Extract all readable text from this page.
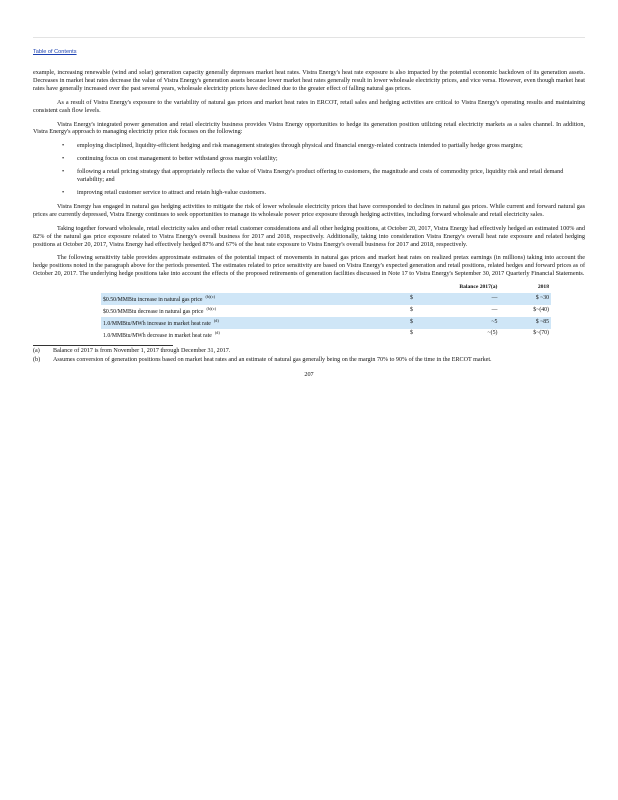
Table of Contents

example, increasing renewable (wind and solar) generation capacity generally depresses market heat rates. Vistra Energy's heat rate exposure is also impacted by the potential economic backdown of its generation assets. Decreases in market heat rates decrease the value of Vistra Energy's generation assets because lower market heat rates generally result in lower wholesale electricity prices, and vice versa. However, even though market heat rates have generally increased over the past several years, wholesale electricity prices have declined due to the greater effect of falling natural gas prices.

As a result of Vistra Energy's exposure to the variability of natural gas prices and market heat rates in ERCOT, retail sales and hedging activities are critical to Vistra Energy's operating results and maintaining consistent cash flow levels.

Vistra Energy's integrated power generation and retail electricity business provides Vistra Energy opportunities to hedge its generation position utilizing retail electricity markets as a sales channel. In addition, Vistra Energy's approach to managing electricity price risk focuses on the following:

• employing disciplined, liquidity-efficient hedging and risk management strategies through physical and financial energy-related contracts intended to partially hedge gross margins;
• continuing focus on cost management to better withstand gross margin volatility;
• following a retail pricing strategy that appropriately reflects the value of Vistra Energy's product offering to customers, the magnitude and costs of commodity price, liquidity risk and retail demand variability; and
• improving retail customer service to attract and retain high-value customers.

Vistra Energy has engaged in natural gas hedging activities to mitigate the risk of lower wholesale electricity prices that have corresponded to declines in natural gas prices. While current and forward natural gas prices are currently depressed, Vistra Energy continues to seek opportunities to manage its wholesale power price exposure through hedging activities, including forward wholesale and retail electricity sales.

Taking together forward wholesale, retail electricity sales and other retail customer considerations and all other hedging positions, at October 20, 2017, Vistra Energy had effectively hedged an estimated 100% and 82% of the natural gas price exposure related to Vistra Energy's overall business for 2017 and 2018, respectively. Additionally, taking into consideration Vistra Energy's overall heat rate exposure and related hedging positions at October 20, 2017, Vistra Energy had effectively hedged 87% and 67% of the heat rate exposure to Vistra Energy's overall business for 2017 and 2018, respectively.

The following sensitivity table provides approximate estimates of the potential impact of movements in natural gas prices and market heat rates on realized pretax earnings (in millions) taking into account the hedge positions noted in the paragraph above for the periods presented. The estimates related to price sensitivity are based on Vistra Energy's expected generation and retail positions, related hedges and forward prices as of October 20, 2017. The underlying hedge positions take into account the effects of the proposed retirements of generation facilities discussed in Note 17 to Vistra Energy's September 30, 2017 Quarterly Financial Statements.

		Balance 2017(a)	2018
$0.50/MMBtu increase in natural gas price$^{(b)(c)}$	$	—	$ ~30
$0.50/MMBtu decrease in natural gas price$^{(b)(c)}$	$	—	$~(40)
1.0/MMBtu/MWh increase in market heat rate$^{(d)}$	$	~5	$ ~85
1.0/MMBtu/MWh decrease in market heat rate$^{(d)}$	$	~(5)	$~(70)
(a) Balance of 2017 is from November 1, 2017 through December 31, 2017.
(b) Assumes conversion of generation positions based on market heat rates and an estimate of natural gas generally being on the margin 70% to 90% of the time in the ERCOT market.
207
